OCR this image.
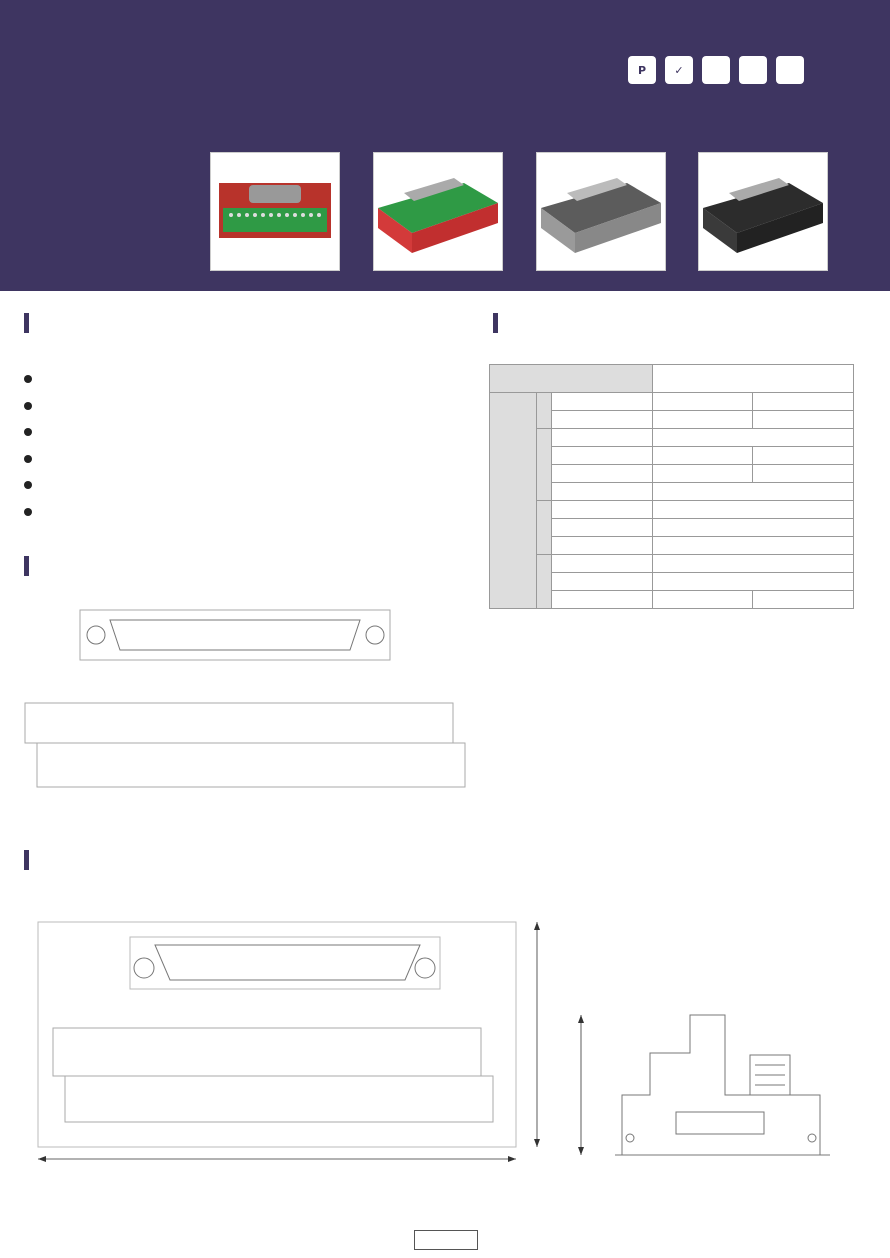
P	✓
